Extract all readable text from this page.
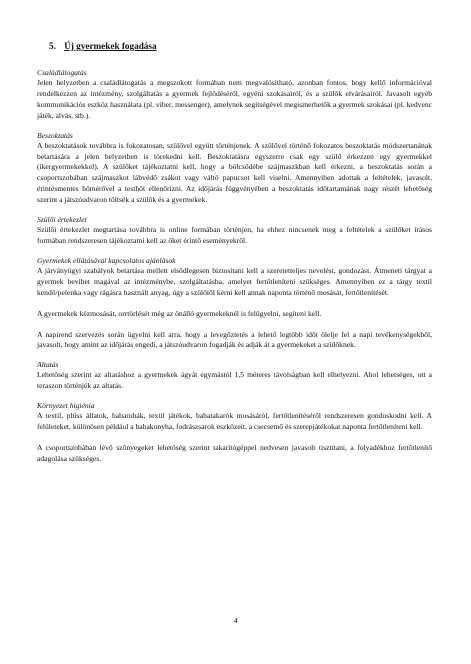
5. Új gyermekek fogadása

Családlátogatás

Jelen helyzetben a családlátogatás a megszokott formában nem megvalósítható, azonban fontos, hogy kellő információval rendelkezzen az intézmény, szolgáltatás a gyermek fejlődéséről, egyéni szokásairól, és a szülők elvárásairól. Javasolt egyéb kommunikációs eszköz használata (pl. viber, messenger), amelynek segítségével megismerhetők a gyermek szokásai (pl. kedvenc játék, alvás, stb.).

Beszoktatás

A beszoktatások továbbra is fokozatosan, szülővel együtt történjenek. A szülővel történő fokozatos beszoktatás módszertanának betartására a jelen helyzetben is törekedni kell. Beszoktatásra egyszerre csak egy szülő érkezzen egy gyermekkel (ikergyermekekkel). A szülőket tájékoztatni kell, hogy a bölcsődébe szájmaszkban kell érkezni, a beszoktatás során a csoportszobában szájmaszkot lábvédő zsákot vagy váltó papucsot kell viselni. Amennyiben adottak a feltételek, javasolt, érintésmentes hőmérővel a testhőt ellenőrizni. Az időjárás függvényében a beszoktatás időtartamának nagy részét lehetőség szerint a játszóudvaron töltsék a szülők és a gyermekek.

Szülői értekezlet

Szülői értekezlet megtartása továbbra is online formában történjen, ha ehhez nincsenek meg a feltételek a szülőket írásos formában rendszeresen tájékoztatni kell az őket érintő eseményekről.

Gyermekek ellátásával kapcsolatos ajánlások

A járványügyi szabályok betartása mellett elsődlegesen biztosítani kell a szeretetteljes nevelést, gondozást. Átmeneti tárgyat a gyermek bevihet magával az intézménybe, szolgáltatásba, amelyet fertőtleníteni szükséges. Amennyiben ez a tárgy textil kendő/pelenka vagy rágásra használt anyag, úgy a szülőtől kérni kell annak naponta történő mosását, fertőtlenítését.

A gyermekek kézmosását, orrtörlését még az önálló gyermekeknél is felügyelni, segíteni kell.

A napirend szervezés során ügyelni kell arra, hogy a levegőztetés a lehető legtöbb időt ölelje fel a napi tevékenységekből, javasolt, hogy amint az időjárás engedi, a játszóudvaron fogadják és adják át a gyermekeket a szülőknek.

Altatás

Lehetőség szerint az altatáshoz a gyermekek ágyát egymástól 1,5 méteres távolságban kell elhelyezni. Ahol lehetséges, ott a teraszon történjék az altatás.

Környezet higiénia

A textil, plüss állatok, babaruhák, textil játékok, babatakarók mosásáról, fertőtlenítéséről rendszeresen gondoskodni kell. A felületeket, különösen például a babakonyha, fodrászsarok eszközeit, a csecsemő és szerepjátékokat naponta fertőtleníteni kell.

A csoportszobában lévő szőnyegeket lehetőség szerint takarítógéppel nedvesen javasolt tisztítani, a folyadékhoz fertőtlenítő adagolása szükséges.

4
